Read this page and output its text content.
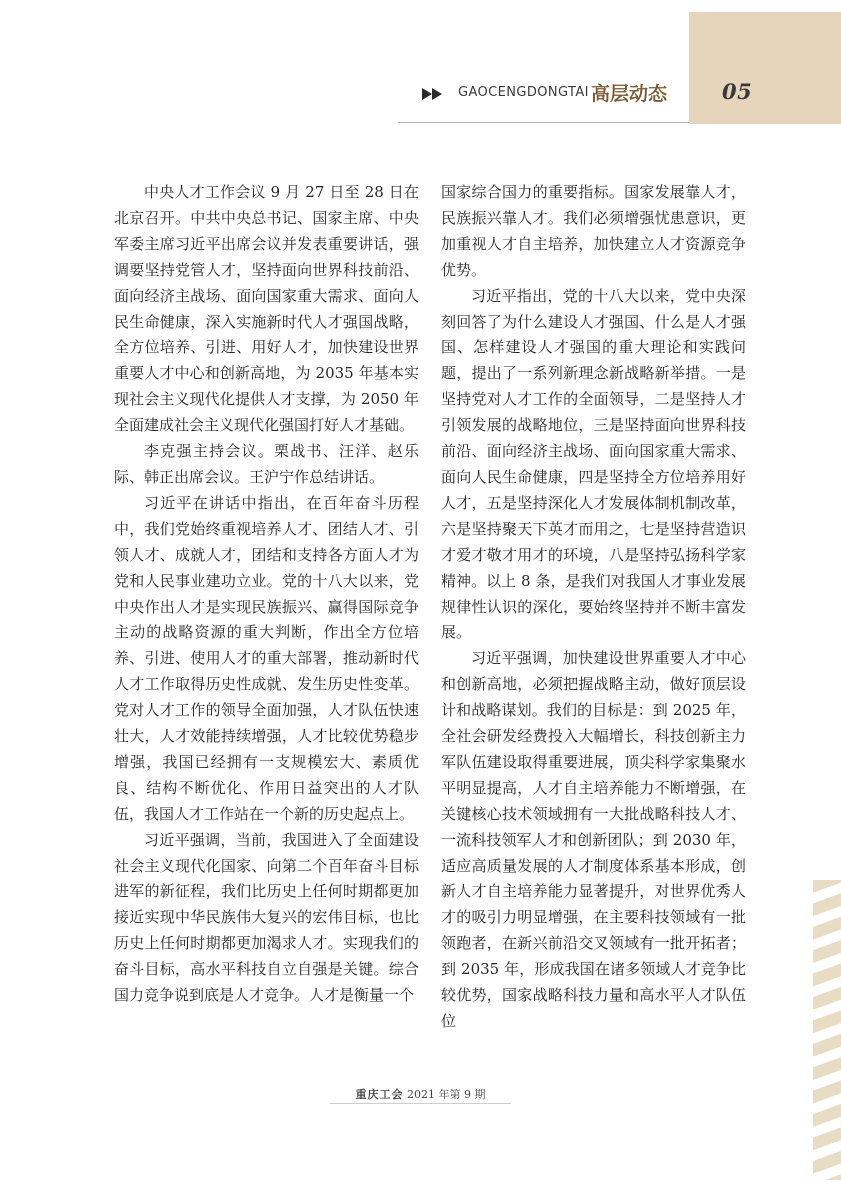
05
GAOCENGDONGTAI 高层动态

中央人才工作会议 9 月 27 日至 28 日在北京召开。中共中央总书记、国家主席、中央军委主席习近平出席会议并发表重要讲话，强调要坚持党管人才，坚持面向世界科技前沿、面向经济主战场、面向国家重大需求、面向人民生命健康，深入实施新时代人才强国战略，全方位培养、引进、用好人才，加快建设世界重要人才中心和创新高地，为 2035 年基本实现社会主义现代化提供人才支撑，为 2050 年全面建成社会主义现代化强国打好人才基础。

李克强主持会议。栗战书、汪洋、赵乐际、韩正出席会议。王沪宁作总结讲话。

习近平在讲话中指出，在百年奋斗历程中，我们党始终重视培养人才、团结人才、引领人才、成就人才，团结和支持各方面人才为党和人民事业建功立业。党的十八大以来，党中央作出人才是实现民族振兴、赢得国际竞争主动的战略资源的重大判断，作出全方位培养、引进、使用人才的重大部署，推动新时代人才工作取得历史性成就、发生历史性变革。党对人才工作的领导全面加强，人才队伍快速壮大，人才效能持续增强，人才比较优势稳步增强，我国已经拥有一支规模宏大、素质优良、结构不断优化、作用日益突出的人才队伍，我国人才工作站在一个新的历史起点上。

习近平强调，当前，我国进入了全面建设社会主义现代化国家、向第二个百年奋斗目标进军的新征程，我们比历史上任何时期都更加接近实现中华民族伟大复兴的宏伟目标，也比历史上任何时期都更加渴求人才。实现我们的奋斗目标，高水平科技自立自强是关键。综合国力竞争说到底是人才竞争。人才是衡量一个

国家综合国力的重要指标。国家发展靠人才，民族振兴靠人才。我们必须增强忧患意识，更加重视人才自主培养，加快建立人才资源竞争优势。

习近平指出，党的十八大以来，党中央深刻回答了为什么建设人才强国、什么是人才强国、怎样建设人才强国的重大理论和实践问题，提出了一系列新理念新战略新举措。一是坚持党对人才工作的全面领导，二是坚持人才引领发展的战略地位，三是坚持面向世界科技前沿、面向经济主战场、面向国家重大需求、面向人民生命健康，四是坚持全方位培养用好人才，五是坚持深化人才发展体制机制改革，六是坚持聚天下英才而用之，七是坚持营造识才爱才敬才用才的环境，八是坚持弘扬科学家精神。以上 8 条，是我们对我国人才事业发展规律性认识的深化，要始终坚持并不断丰富发展。

习近平强调，加快建设世界重要人才中心和创新高地，必须把握战略主动，做好顶层设计和战略谋划。我们的目标是：到 2025 年，全社会研发经费投入大幅增长，科技创新主力军队伍建设取得重要进展，顶尖科学家集聚水平明显提高，人才自主培养能力不断增强，在关键核心技术领域拥有一大批战略科技人才、一流科技领军人才和创新团队；到 2030 年，适应高质量发展的人才制度体系基本形成，创新人才自主培养能力显著提升，对世界优秀人才的吸引力明显增强，在主要科技领域有一批领跑者，在新兴前沿交叉领域有一批开拓者；到 2035 年，形成我国在诸多领域人才竞争比较优势，国家战略科技力量和高水平人才队伍位

重庆工会 2021 年第 9 期
